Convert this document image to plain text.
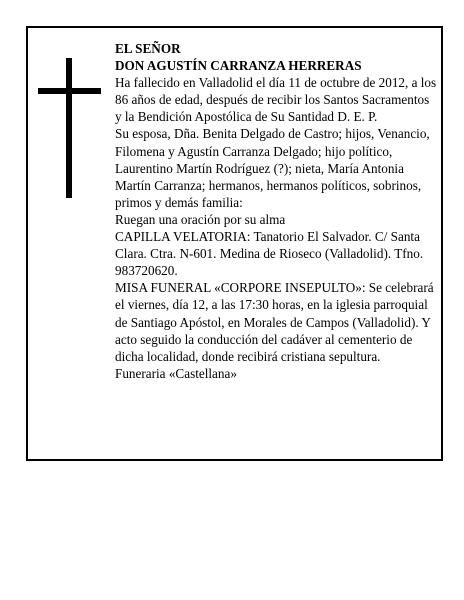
EL SEÑOR

DON AGUSTÍN CARRANZA HERRERAS

Ha fallecido en Valladolid el día 11 de octubre de 2012, a los 86 años de edad, después de recibir los Santos Sacramentos y la Bendición Apostólica de Su Santidad D. E. P.

Su esposa, Dña. Benita Delgado de Castro; hijos, Venancio, Filomena y Agustín Carranza Delgado; hijo político, Laurentino Martín Rodríguez (?); nieta, María Antonia Martín Carranza; hermanos, hermanos políticos, sobrinos, primos y demás familia:

Ruegan una oración por su alma

CAPILLA VELATORIA: Tanatorio El Salvador. C/ Santa Clara. Ctra. N-601. Medina de Rioseco (Valladolid). Tfno. 983720620.

MISA FUNERAL «CORPORE INSEPULTO»: Se celebrará el viernes, día 12, a las 17:30 horas, en la iglesia parroquial de Santiago Apóstol, en Morales de Campos (Valladolid). Y acto seguido la conducción del cadáver al cementerio de dicha localidad, donde recibirá cristiana sepultura.

Funeraria «Castellana»
